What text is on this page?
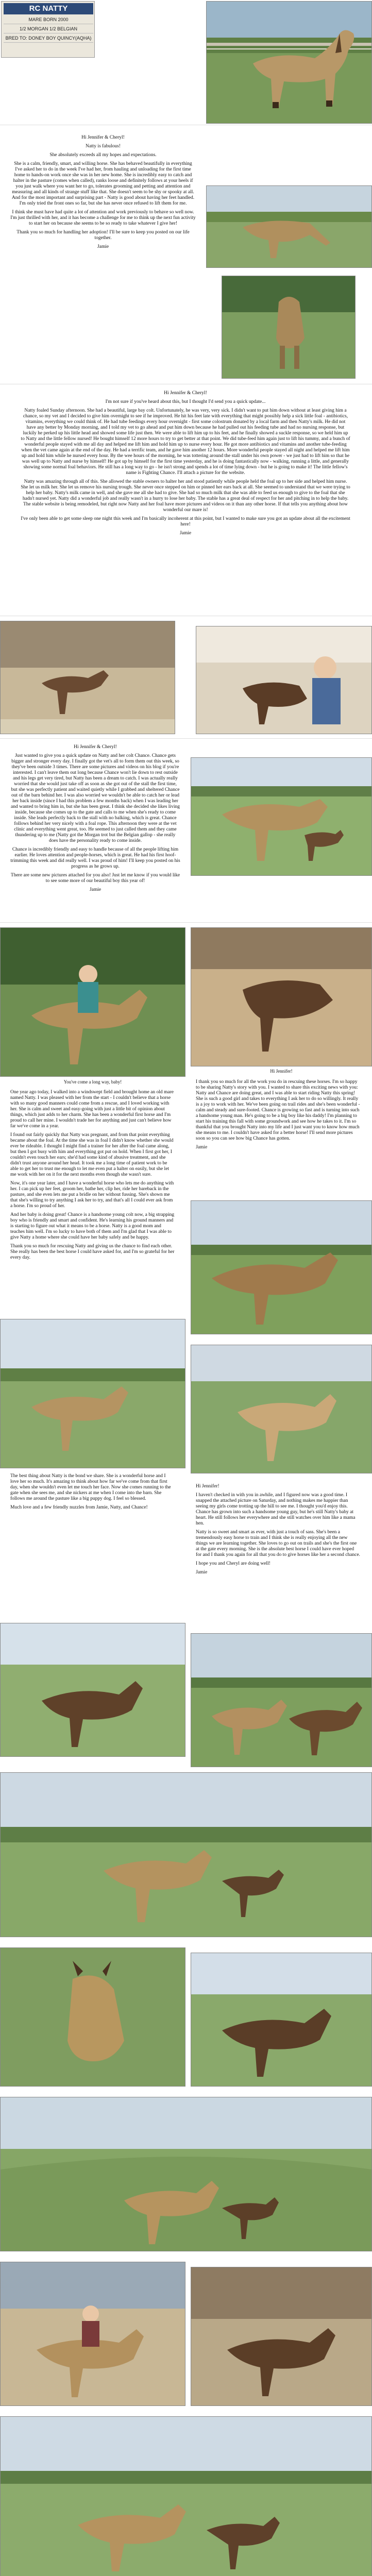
RC NATTY
MARE BORN 2000
1/2 MORGAN 1/2 BELGIAN
BRED TO: DONEY BOY QUINCY(AQHA)

Hi Jennifer & Cheryl!

Natty is fabulous!

She absolutely exceeds all my hopes and expectations.

She is a calm, friendly, smart, and willing horse. She has behaved beautifully in everything I've asked her to do in the week I've had her, from hauling and unloading for the first time home to hands-on work once she was in her new home. She is incredibly easy to catch and halter in the pasture (comes when called), ranks loose and definitely follows at your heels if you just walk where you want her to go, tolerates grooming and petting and attention and measuring and all kinds of strange stuff like that. She doesn't seem to be shy or spooky at all. And for the most important and surprising part - Natty is good about having her feet handled. I'm only tried the front ones so far, but she has never once refused to lift them for me.

I think she must have had quite a lot of attention and work previously to behave so well now. I'm just thrilled with her, and it has become a challenge for me to think up the next fun activity to start her on because she seems to be so ready to take whatever I give her!

Thank you so much for handling her adoption! I'll be sure to keep you posted on our life together.

Jamie

Hi Jennifer & Cheryl!

I'm not sure if you've heard about this, but I thought I'd send you a quick update...

Natty foaled Sunday afternoon. She had a beautiful, large bay colt. Unfortunately, he was very, very sick. I didn't want to put him down without at least giving him a chance, so my vet and I decided to give him overnight to see if he improved. He hit his feet late with everything that might possibly help a sick little foal - antibiotics, vitamins, everything we could think of. He had tube feedings every hour overnight - first some colostrum donated by a local farm and then Natty's milk. He did not have any better by Monday morning, and I told my vet to go ahead and put him down because he had pulled out his feeding tube and had no nursing response, but luckily he perked up his little head and showed some life just then. We were able to lift him up to his feet, and he finally showed a suckle response, so we held him up to Natty and the little fellow nursed! He bought himself 12 more hours to try to get better at that point. We did tube-feed him again just to lift his tummy, and a bunch of wonderful people stayed with me all day and helped me lift him and hold him up to nurse every hour. He got more antibiotics and vitamins and another tube-feeding when the vet came again at the end of the day. He had a terrific team, and he gave him another 12 hours. More wonderful people stayed all night and helped me lift him up and hold him while he nursed every hour. By the wee hours of the morning, he was tottering around the stall under his own power - we just had to lift him so that he was well up to Natty and nurse by himself! He got up by himself for the first time yesterday, and he is doing fantastically now - walking, running a little, and generally showing some normal foal behaviors. He still has a long way to go - he isn't strong and spends a lot of time lying down - but he is going to make it! The little fellow's name is Fighting Chance. I'll attach a picture for the website.

Natty was amazing through all of this. She allowed the stable owners to halter her and stood patiently while people held the foal up to her side and helped him nurse. She let us milk her. She let us remove his nursing trough. She never once stepped on him or pinned her ears back at all. She seemed to understand that we were trying to help her baby. Natty's milk came in well, and she gave me all she had to give. She had so much milk that she was able to feed us enough to give to the foal that she hadn't nursed yet. Natty did a wonderful job and really wasn't in a hurry to lose her baby. The stable has a great deal of respect for her and pitching in to help the baby. The stable website is being remodeled, but right now Natty and her foal have more pictures and videos on it than any other horse. If that tells you anything about how wonderful our mare is!

I've only been able to get some sleep one night this week and I'm basically incoherent at this point, but I wanted to make sure you got an update about all the excitement here!

Jamie

Hi Jennifer & Cheryl!

Just wanted to give you a quick update on Natty and her colt Chance. Chance gets bigger and stronger every day. I finally got the vet's all to form them out this week, so they've been outside 3 times. There are some pictures and videos on his blog if you're interested. I can't leave them out long because Chance won't lie down to rest outside and his legs get very tired, but Natty has been a dream to catch. I was actually really worried that she would just take off as soon as she got out of the stall the first time, but she was perfectly patient and waited quietly while I grabbed and sheltered Chance out of the barn behind her. I was also worried we wouldn't be able to catch her or lead her back inside (since I had this problem a few months back) when I was leading her and wanted to bring him in, but she has been great. I think she decided she likes living inside, because she comes up to the gate and calls to me when she's ready to come inside. She leads perfectly back to the stall with no balking, which is great. Chance follows behind her very nicely with a foal rope. This afternoon they were at the vet clinic and everything went great, too. He seemed to just called them and they came thundering up to me (Natty got the Morgan trot but the Belgian gallop - she really does have the personality ready to come inside.

Chance is incredibly friendly and easy to handle because of all the people lifting him earlier. He loves attention and people-horses, which is great. He had his first hoof-trimming this week and did really well. I was proud of him! I'll keep you posted on his progress as he grows up.

There are some new pictures attached for you also! Just let me know if you would like to see some more of our beautiful boy this year of!

Jamie

Hi Jennifer!
You've come a long way, baby!

One year ago today, I walked into a windswept field and brought home an old mare named Natty. I was pleased with her from the start - I couldn't believe that a horse with so many good manners could come from a rescue, and I loved working with her. She is calm and sweet and easy-going with just a little bit of opinion about things, which just adds to her charm. She has been a wonderful first horse and I'm proud to call her mine. I wouldn't trade her for anything and just can't believe how far we've come in a year.

I found out fairly quickly that Natty was pregnant, and from that point everything became about the foal. At the time she was in foal I didn't know whether she would ever be rideable. I thought I might find a trainer for her after the foal came along, but then I got busy with him and everything got put on hold. When I first got her, I couldn't even touch her ears; she'd had some kind of abusive treatment, and she didn't trust anyone around her head. It took me a long time of patient work to be able to get her to trust me enough to let me even put a halter on easily, but she let me work with her on it for the next months even though she wasn't sure.

Now, it's one year later, and I have a wonderful horse who lets me do anything with her. I can pick up her feet, groom her, bathe her, clip her, ride her bareback in the pasture, and she even lets me put a bridle on her without fussing. She's shown me that she's willing to try anything I ask her to try, and that's all I could ever ask from a horse. I'm so proud of her.

And her baby is doing great! Chance is a handsome young colt now, a big strapping boy who is friendly and smart and confident. He's learning his ground manners and is starting to figure out what it means to be a horse. Natty is a good mom and teaches him well. I'm so lucky to have both of them and I'm glad that I was able to give Natty a home where she could have her baby safely and be happy.

Thank you so much for rescuing Natty and giving us the chance to find each other. She really has been the best horse I could have asked for, and I'm so grateful for her every day.

I thank you so much for all the work you do in rescuing these horses. I'm so happy to be sharing Natty's story with you. I wanted to share this exciting news with you: Natty and Chance are doing great, and I was able to start riding Natty this spring! She is such a good girl and takes to everything I ask her to do so willingly. It really is a joy to work with her. We've been going on trail rides and she's been wonderful - calm and steady and sure-footed. Chance is growing so fast and is turning into such a handsome young man. He's going to be a big boy like his daddy! I'm planning to start his training this fall with some groundwork and see how he takes to it. I'm so thankful that you brought Natty into my life and I just want you to know how much she means to me. I couldn't have asked for a better horse! I'll send more pictures soon so you can see how big Chance has gotten.

Jamie

The best thing about Natty is the bond we share. She is a wonderful horse and I love her so much. It's amazing to think about how far we've come from that first day, when she wouldn't even let me touch her face. Now she comes running to the gate when she sees me, and she nickers at me when I come into the barn. She follows me around the pasture like a big puppy dog. I feel so blessed.

Much love and a few friendly nuzzles from Jamie, Natty, and Chance!

Hi Jennifer!

I haven't checked in with you in awhile, and I figured now was a good time. I snapped the attached picture on Saturday, and nothing makes me happier than seeing my girls come trotting up the hill to see me. I thought you'd enjoy this. Chance has grown into such a handsome young guy, but he's still Natty's baby at heart. He still follows her everywhere and she still watches over him like a mama hen.

Natty is so sweet and smart as ever, with just a touch of sass. She's been a tremendously easy horse to train and I think she is really enjoying all the new things we are learning together. She loves to go out on trails and she's the first one at the gate every morning. She is the absolute best horse I could have ever hoped for and I thank you again for all that you do to give horses like her a second chance.

I hope you and Cheryl are doing well!

Jamie
